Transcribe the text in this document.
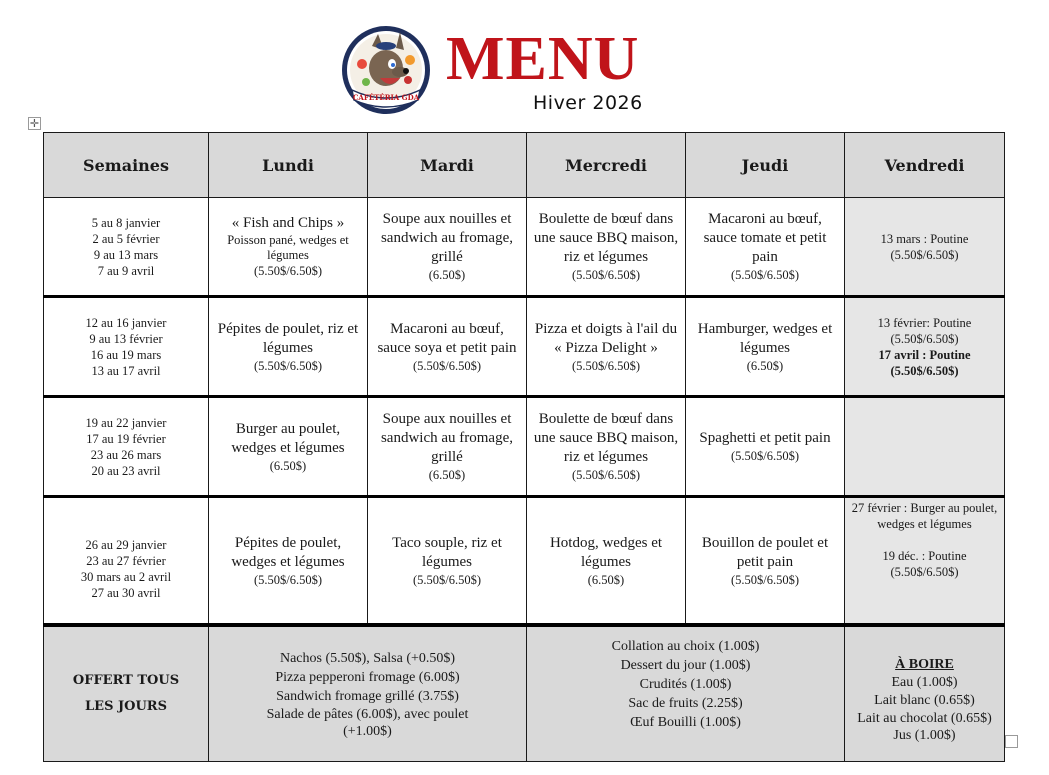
CAFÉTÉRIA GDA
MENU
Hiver 2026
✛
Semaines	Lundi	Mardi	Mercredi	Jeudi	Vendredi

5 au 8 janvier
2 au 5 février
9 au 13 mars
7 au 9 avril	« Fish and Chips »
Poisson pané, wedges et légumes
(5.50$/6.50$)	Soupe aux nouilles et sandwich au fromage, grillé
(6.50$)	Boulette de bœuf dans une sauce BBQ maison, riz et légumes
(5.50$/6.50$)	Macaroni au bœuf, sauce tomate et petit pain
(5.50$/6.50$)	13 mars : Poutine
(5.50$/6.50$)

12 au 16 janvier
9 au 13 février
16 au 19 mars
13 au 17 avril	Pépites de poulet, riz et légumes
(5.50$/6.50$)	Macaroni au bœuf, sauce soya et petit pain
(5.50$/6.50$)	Pizza et doigts à l'ail du « Pizza Delight »
(5.50$/6.50$)	Hamburger, wedges et légumes
(6.50$)	13 février: Poutine
(5.50$/6.50$)
17 avril : Poutine
(5.50$/6.50$)

19 au 22 janvier
17 au 19 février
23 au 26 mars
20 au 23 avril	Burger au poulet, wedges et légumes
(6.50$)	Soupe aux nouilles et sandwich au fromage, grillé
(6.50$)	Boulette de bœuf dans une sauce BBQ maison, riz et légumes
(5.50$/6.50$)	Spaghetti et petit pain
(5.50$/6.50$)	

26 au 29 janvier
23 au 27 février
30 mars au 2 avril
27 au 30 avril	Pépites de poulet, wedges et légumes
(5.50$/6.50$)	Taco souple, riz et légumes
(5.50$/6.50$)	Hotdog, wedges et légumes
(6.50$)	Bouillon de poulet et petit pain
(5.50$/6.50$)	27 février : Burger au poulet, wedges et légumes
19 déc. : Poutine
(5.50$/6.50$)

OFFERT TOUS
LES JOURS	Nachos (5.50$), Salsa (+0.50$)
Pizza pepperoni fromage (6.00$)
Sandwich fromage grillé (3.75$)
Salade de pâtes (6.00$), avec poulet (+1.00$)		Collation au choix (1.00$)
Dessert du jour (1.00$)
Crudités (1.00$)
Sac de fruits (2.25$)
Œuf Bouilli (1.00$)		À BOIRE
Eau (1.00$)
Lait blanc (0.65$)
Lait au chocolat (0.65$)
Jus (1.00$)
